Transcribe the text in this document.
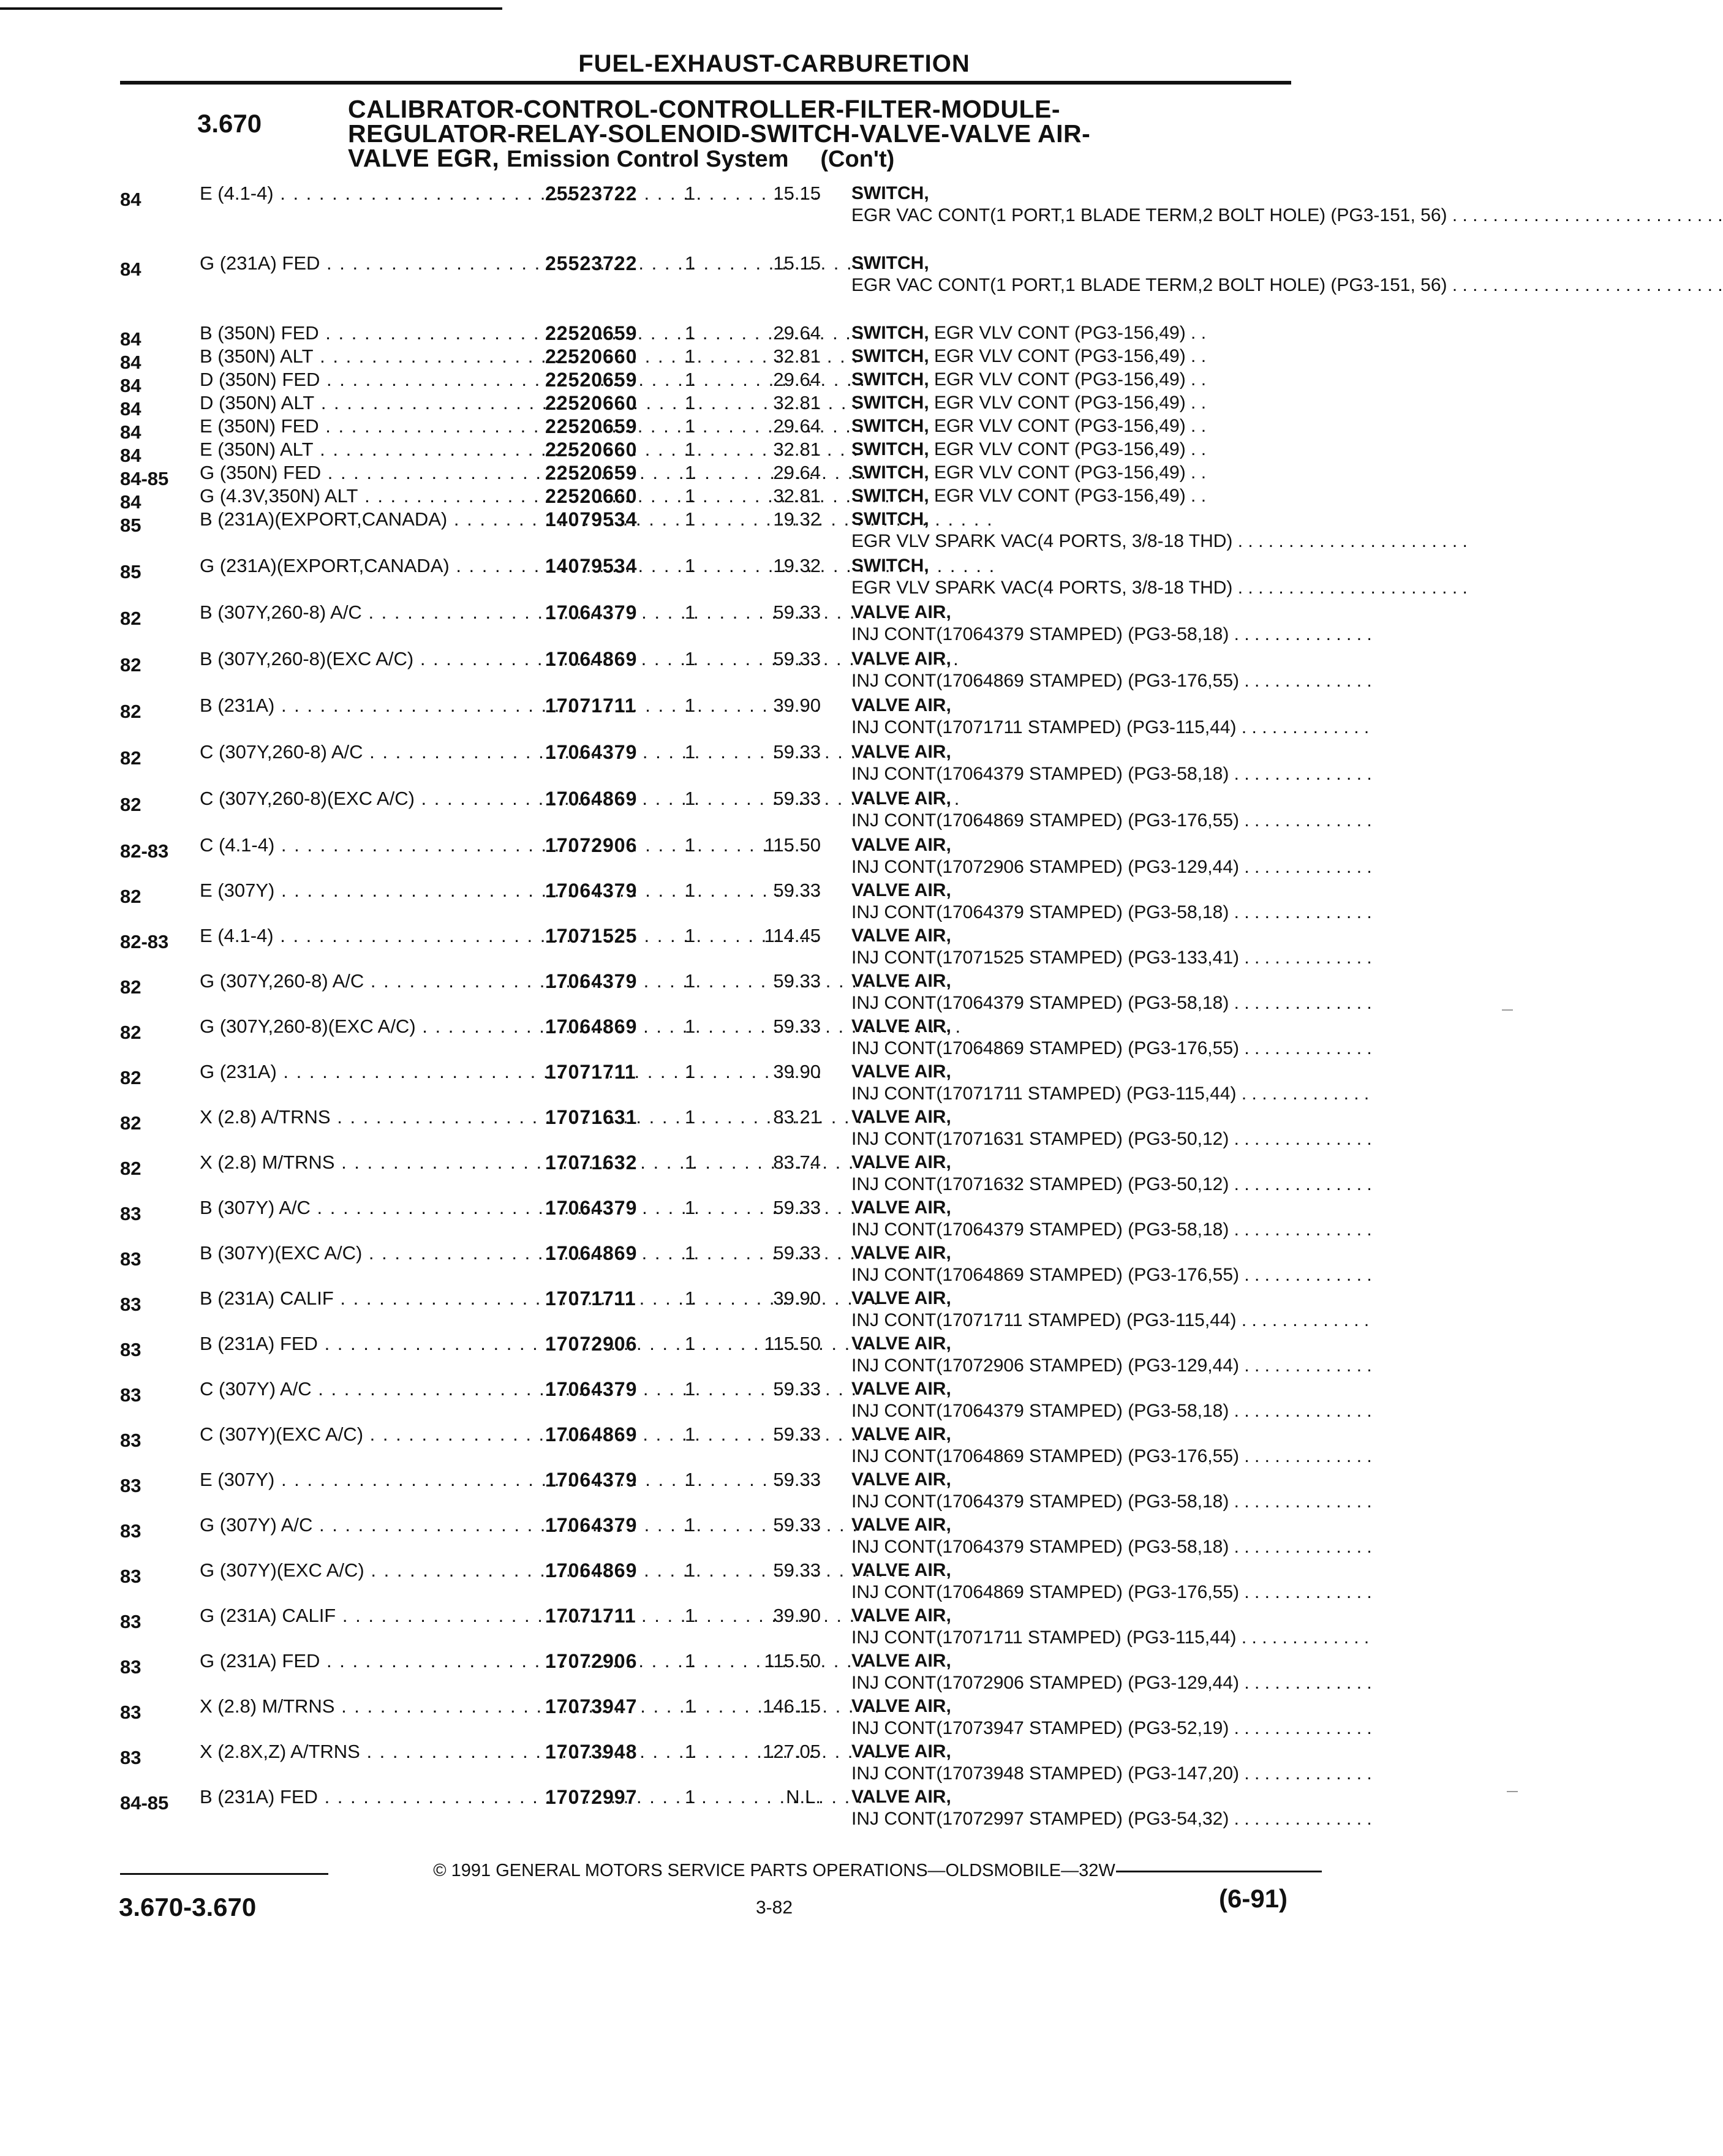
FUEL-EXHAUST-CARBURETION
3.670	CALIBRATOR-CONTROL-CONTROLLER-FILTER-MODULE-
REGULATOR-RELAY-SOLENOID-SWITCH-VALVE-VALVE AIR-
VALVE EGR, Emission Control System (Con't)
84	E (4.1-4) . . .	25523722	1	15.15 SWITCH, EGR VAC CONT(1 PORT,1 BLADE TERM,2 BOLT HOLE) (PG3-151, 56) . . . . . . . . . . . . . . . . . . . . . . . . . . .
84	G (231A) FED . . .	25523722	1	15.15 SWITCH, EGR VAC CONT(1 PORT,1 BLADE TERM,2 BOLT HOLE) (PG3-151, 56) . . . . . . . . . . . . . . . . . . . . . . . . . . .
84	B (350N) FED . . .	22520659	1	29.64 SWITCH, EGR VLV CONT (PG3-156,49) . .
84	B (350N) ALT . . .	22520660	1	32.81 SWITCH, EGR VLV CONT (PG3-156,49) . .
84	D (350N) FED . . .	22520659	1	29.64 SWITCH, EGR VLV CONT (PG3-156,49) . .
84	D (350N) ALT . . .	22520660	1	32.81 SWITCH, EGR VLV CONT (PG3-156,49) . .
84	E (350N) FED . . .	22520659	1	29.64 SWITCH, EGR VLV CONT (PG3-156,49) . .
84	E (350N) ALT . . .	22520660	1	32.81 SWITCH, EGR VLV CONT (PG3-156,49) . .
84-85 G (350N) FED . . .	22520659	1	29.64 SWITCH, EGR VLV CONT (PG3-156,49) . .
84	G (4.3V,350N) ALT . . .	22520660	1	32.81 SWITCH, EGR VLV CONT (PG3-156,49) . .
85	B (231A)(EXPORT,CANADA) . . .	14079534	1	19.32 SWITCH, EGR VLV SPARK VAC(4 PORTS, 3/8-18 THD) . . . . . . . . . . . . . . . . . . . . . . .
85	G (231A)(EXPORT,CANADA) . . .	14079534	1	19.32 SWITCH, EGR VLV SPARK VAC(4 PORTS, 3/8-18 THD) . . . . . . . . . . . . . . . . . . . . . . .
82	B (307Y,260-8) A/C . . .	17064379	1	59.33 VALVE AIR, INJ CONT(17064379 STAMPED) (PG3-58,18) . . . . . . . . . . . . . .
82	B (307Y,260-8)(EXC A/C) . . .	17064869	1	59.33 VALVE AIR, INJ CONT(17064869 STAMPED) (PG3-176,55) . . . . . . . . . . . . .
82	B (231A) . . .	17071711	1	39.90 VALVE AIR, INJ CONT(17071711 STAMPED) (PG3-115,44) . . . . . . . . . . . . .
82	C (307Y,260-8) A/C . . .	17064379	1	59.33 VALVE AIR, INJ CONT(17064379 STAMPED) (PG3-58,18) . . . . . . . . . . . . . .
82	C (307Y,260-8)(EXC A/C) . . .	17064869	1	59.33 VALVE AIR, INJ CONT(17064869 STAMPED) (PG3-176,55) . . . . . . . . . . . . .
82-83 C (4.1-4) . . .	17072906	1	115.50 VALVE AIR, INJ CONT(17072906 STAMPED) (PG3-129,44) . . . . . . . . . . . . .
82	E (307Y) . . .	17064379	1	59.33 VALVE AIR, INJ CONT(17064379 STAMPED) (PG3-58,18) . . . . . . . . . . . . . .
82-83 E (4.1-4) . . .	17071525	1	114.45 VALVE AIR, INJ CONT(17071525 STAMPED) (PG3-133,41) . . . . . . . . . . . . .
82	G (307Y,260-8) A/C . . .	17064379	1	59.33 VALVE AIR, INJ CONT(17064379 STAMPED) (PG3-58,18) . . . . . . . . . . . . . .
82	G (307Y,260-8)(EXC A/C) . . .	17064869	1	59.33 VALVE AIR, INJ CONT(17064869 STAMPED) (PG3-176,55) . . . . . . . . . . . . .
82	G (231A) . . .	17071711	1	39.90 VALVE AIR, INJ CONT(17071711 STAMPED) (PG3-115,44) . . . . . . . . . . . . .
82	X (2.8) A/TRNS . . .	17071631	1	83.21 VALVE AIR, INJ CONT(17071631 STAMPED) (PG3-50,12) . . . . . . . . . . . . . .
82	X (2.8) M/TRNS . . .	17071632	1	83.74 VALVE AIR, INJ CONT(17071632 STAMPED) (PG3-50,12) . . . . . . . . . . . . . .
83	B (307Y) A/C . . .	17064379	1	59.33 VALVE AIR, INJ CONT(17064379 STAMPED) (PG3-58,18) . . . . . . . . . . . . . .
83	B (307Y)(EXC A/C) . . .	17064869	1	59.33 VALVE AIR, INJ CONT(17064869 STAMPED) (PG3-176,55) . . . . . . . . . . . . .
83	B (231A) CALIF . . .	17071711	1	39.90 VALVE AIR, INJ CONT(17071711 STAMPED) (PG3-115,44) . . . . . . . . . . . . .
83	B (231A) FED . . .	17072906	1	115.50 VALVE AIR, INJ CONT(17072906 STAMPED) (PG3-129,44) . . . . . . . . . . . . .
83	C (307Y) A/C . . .	17064379	1	59.33 VALVE AIR, INJ CONT(17064379 STAMPED) (PG3-58,18) . . . . . . . . . . . . . .
83	C (307Y)(EXC A/C) . . .	17064869	1	59.33 VALVE AIR, INJ CONT(17064869 STAMPED) (PG3-176,55) . . . . . . . . . . . . .
83	E (307Y) . . .	17064379	1	59.33 VALVE AIR, INJ CONT(17064379 STAMPED) (PG3-58,18) . . . . . . . . . . . . . .
83	G (307Y) A/C . . .	17064379	1	59.33 VALVE AIR, INJ CONT(17064379 STAMPED) (PG3-58,18) . . . . . . . . . . . . . .
83	G (307Y)(EXC A/C) . . .	17064869	1	59.33 VALVE AIR, INJ CONT(17064869 STAMPED) (PG3-176,55) . . . . . . . . . . . . .
83	G (231A) CALIF . . .	17071711	1	39.90 VALVE AIR, INJ CONT(17071711 STAMPED) (PG3-115,44) . . . . . . . . . . . . .
83	G (231A) FED . . .	17072906	1	115.50 VALVE AIR, INJ CONT(17072906 STAMPED) (PG3-129,44) . . . . . . . . . . . . .
83	X (2.8) M/TRNS . . .	17073947	1	146.15 VALVE AIR, INJ CONT(17073947 STAMPED) (PG3-52,19) . . . . . . . . . . . . . .
83	X (2.8X,Z) A/TRNS . . .	17073948	1	127.05 VALVE AIR, INJ CONT(17073948 STAMPED) (PG3-147,20) . . . . . . . . . . . . .
84-85 B (231A) FED . . .	17072997	1	N.L. VALVE AIR, INJ CONT(17072997 STAMPED) (PG3-54,32) . . . . . . . . . . . . . .
© 1991 GENERAL MOTORS SERVICE PARTS OPERATIONS—OLDSMOBILE—32W
3.670-3.670	3-82	(6-91)
